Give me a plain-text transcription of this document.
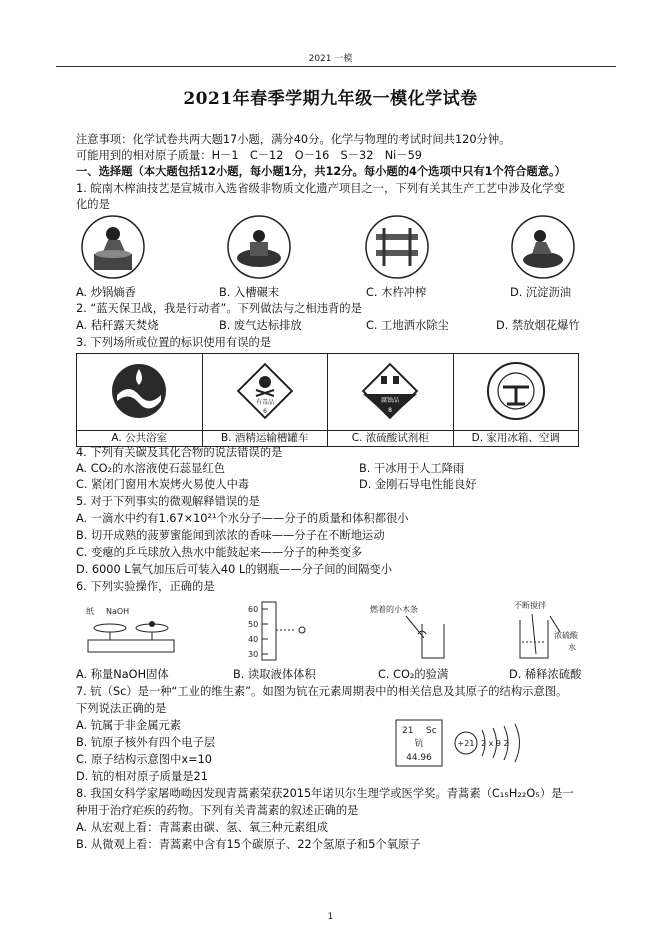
2021 一模
2021年春季学期九年级一模化学试卷
注意事项：化学试卷共两大题17小题，满分40分。化学与物理的考试时间共120分钟。
可能用到的相对原子质量：H－1　C－12　O－16　S－32　Ni－59
一、选择题（本大题包括12小题，每小题1分，共12分。每小题的4个选项中只有1个符合题意。）
1. 皖南木榨油技艺是宣城市入选省级非物质文化遗产项目之一，下列有关其生产工艺中涉及化学变
化的是
A. 炒锅熵香	B. 入槽碾末	C. 木杵冲榨	D. 沉淀沥油
2. “蓝天保卫战，我是行动者”。下列做法与之相违背的是
A. 秸秆露天焚烧	B. 废气达标排放	C. 工地洒水除尘	D. 禁放烟花爆竹
3. 下列场所或位置的标识使用有误的是

有毒品
6	腐蚀品
8

A. 公共浴室	B. 酒精运输槽罐车	C. 浓硫酸试剂柜	D. 家用冰箱、空调
4. 下列有关碳及其化合物的说法错误的是
A. CO₂的水溶液使石蕊显红色	B. 干冰用于人工降雨
C. 紧闭门窗用木炭烤火易使人中毒	D. 金刚石导电性能良好
5. 对于下列事实的微观解释错误的是
A. 一滴水中约有1.67×10²¹个水分子——分子的质量和体积都很小
B. 切开成熟的菠萝蜜能闻到浓浓的香味——分子在不断地运动
C. 变瘪的乒乓球放入热水中能鼓起来——分子的种类变多
D. 6000 L氧气加压后可装入40 L的钢瓶——分子间的间隔变小
6. 下列实验操作，正确的是
纸 NaOH	60
50
40
30
燃着的小木条	不断搅拌
浓硫酸
水
A. 称量NaOH固体	B. 读取液体体积	C. CO₂的验满	D. 稀释浓硫酸
7. 钪（Sc）是一种“工业的维生素”。如图为钪在元素周期表中的相关信息及其原子的结构示意图。
下列说法正确的是
A. 钪属于非金属元素
B. 钪原子核外有四个电子层
C. 原子结构示意图中x=10
D. 钪的相对原子质量是21
21 Sc
钪
44.96
+21 2 x 9 2
8. 我国女科学家屠呦呦因发现青蒿素荣获2015年诺贝尔生理学或医学奖。青蒿素（C₁₅H₂₂O₅）是一
种用于治疗疟疾的药物。下列有关青蒿素的叙述正确的是
A. 从宏观上看：青蒿素由碳、氢、氧三种元素组成
B. 从微观上看：青蒿素中含有15个碳原子、22个氢原子和5个氧原子
1
